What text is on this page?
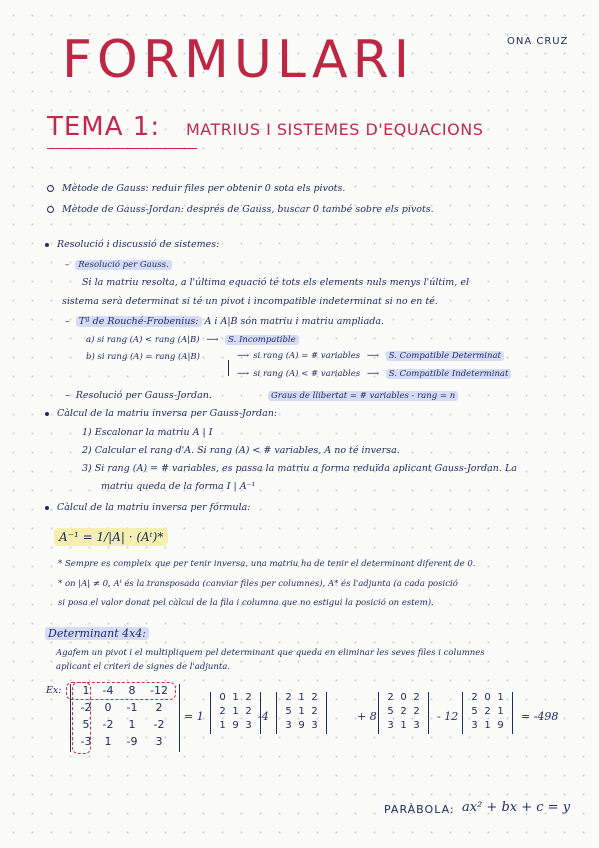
ONA CRUZ
FORMULARI
TEMA 1: MATRIUS I SISTEMES D'EQUACIONS
Mètode de Gauss: reduir files per obtenir 0 sota els pivots.
Mètode de Gauss-Jordan: després de Gauss, buscar 0 també sobre els pivots.
Resolució i discussió de sistemes:
– Resolució per Gauss.
Si la matriu resolta, a l'última equació té tots els elements nuls menys l'últim, el
sistema serà determinat si té un pivot i incompatible indeterminat si no en té.
– Tª de Rouché-Frobenius: A i A|B són matriu i matriu ampliada.
a) si rang (A) < rang (A|B) ⟶ S. Incompatible
b) si rang (A) = rang (A|B)	⟶ si rang (A) = # variables ⟶ S. Compatible Determinat
⟶ si rang (A) < # variables ⟶ S. Compatible Indeterminat
– Resolució per Gauss-Jordan.	Graus de llibertat = # variables - rang = n
Càlcul de la matriu inversa per Gauss-Jordan:
1) Escalonar la matriu A | I
2) Calcular el rang d'A. Si rang (A) < # variables, A no té inversa.
3) Si rang (A) = # variables, es passa la matriu a forma reduïda aplicant Gauss-Jordan. La
matriu queda de la forma I | A⁻¹
Càlcul de la matriu inversa per fórmula:
A⁻¹ = 1/|A| · (Aᵗ)*
* Sempre es compleix que per tenir inversa, una matriu ha de tenir el determinant diferent de 0.
* on |A| ≠ 0, Aᵗ és la transposada (canviar files per columnes), A* és l'adjunta (a cada posició
si posa el valor donat pel càlcul de la fila i columna que no estigui la posició on estem).
Determinant 4x4:
Agafem un pivot i el multipliquem pel determinant que queda en eliminar les seves files i columnes
aplicant el criteri de signes de l'adjunta.
Ex:	1	-4	8	-12
-2	0	-1	2
5	-2	1	-2
-3	1	-9	3
= 1
0 1 2
2 1 2
1 9 3
-4
2 1 2
5 1 2
3 9 3
+ 8
2 0 2
5 2 2
3 1 3
- 12
2 0 1
5 2 1
3 1 9
= -498
PARÀBOLA: ax² + bx + c = y
